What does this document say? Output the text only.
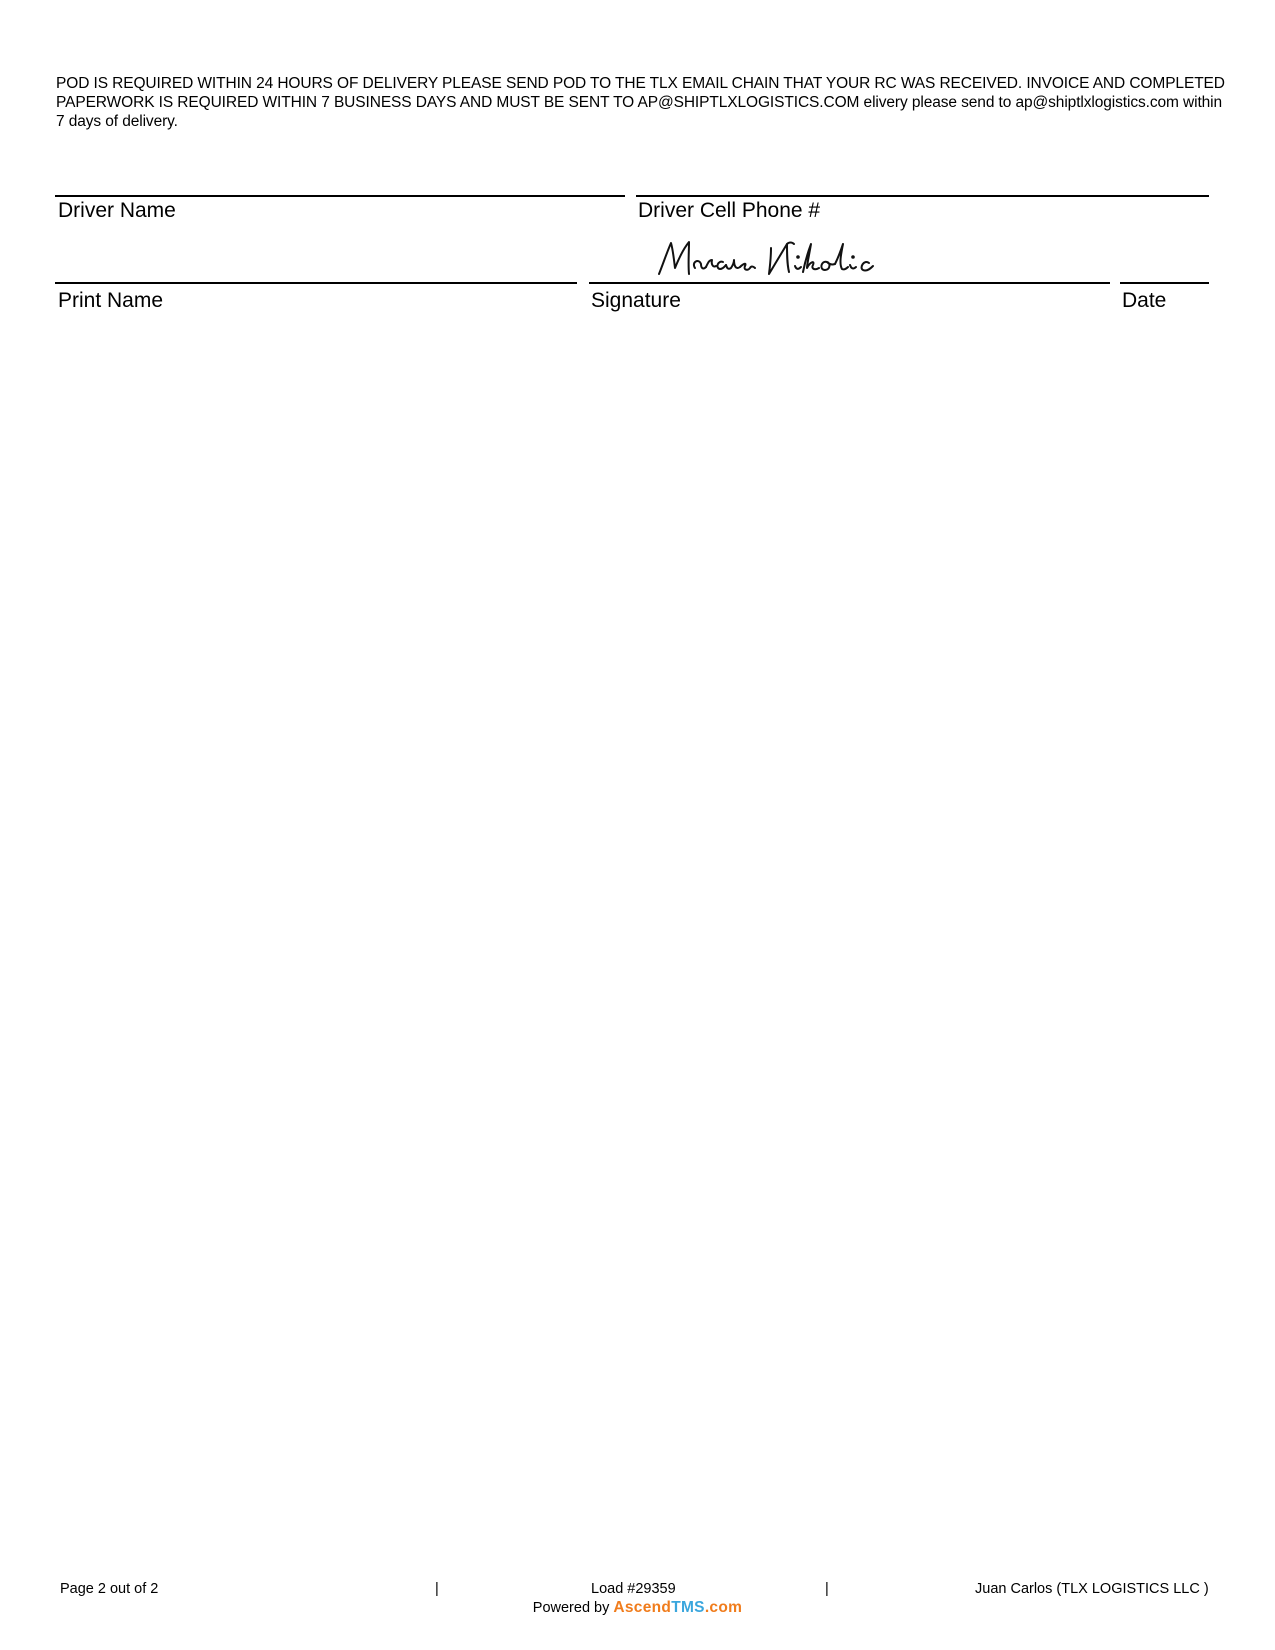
POD IS REQUIRED WITHIN 24 HOURS OF DELIVERY PLEASE SEND POD TO THE TLX EMAIL CHAIN THAT YOUR RC WAS RECEIVED. INVOICE AND COMPLETED PAPERWORK IS REQUIRED WITHIN 7 BUSINESS DAYS AND MUST BE SENT TO AP@SHIPTLXLOGISTICS.COM elivery please send to ap@shiptlxlogistics.com within 7 days of delivery.
Driver Name	Driver Cell Phone #
Print Name	Signature	Date
Page 2 out of 2	|	Load #29359	|	Juan Carlos (TLX LOGISTICS LLC )
Powered by AscendTMS.com
